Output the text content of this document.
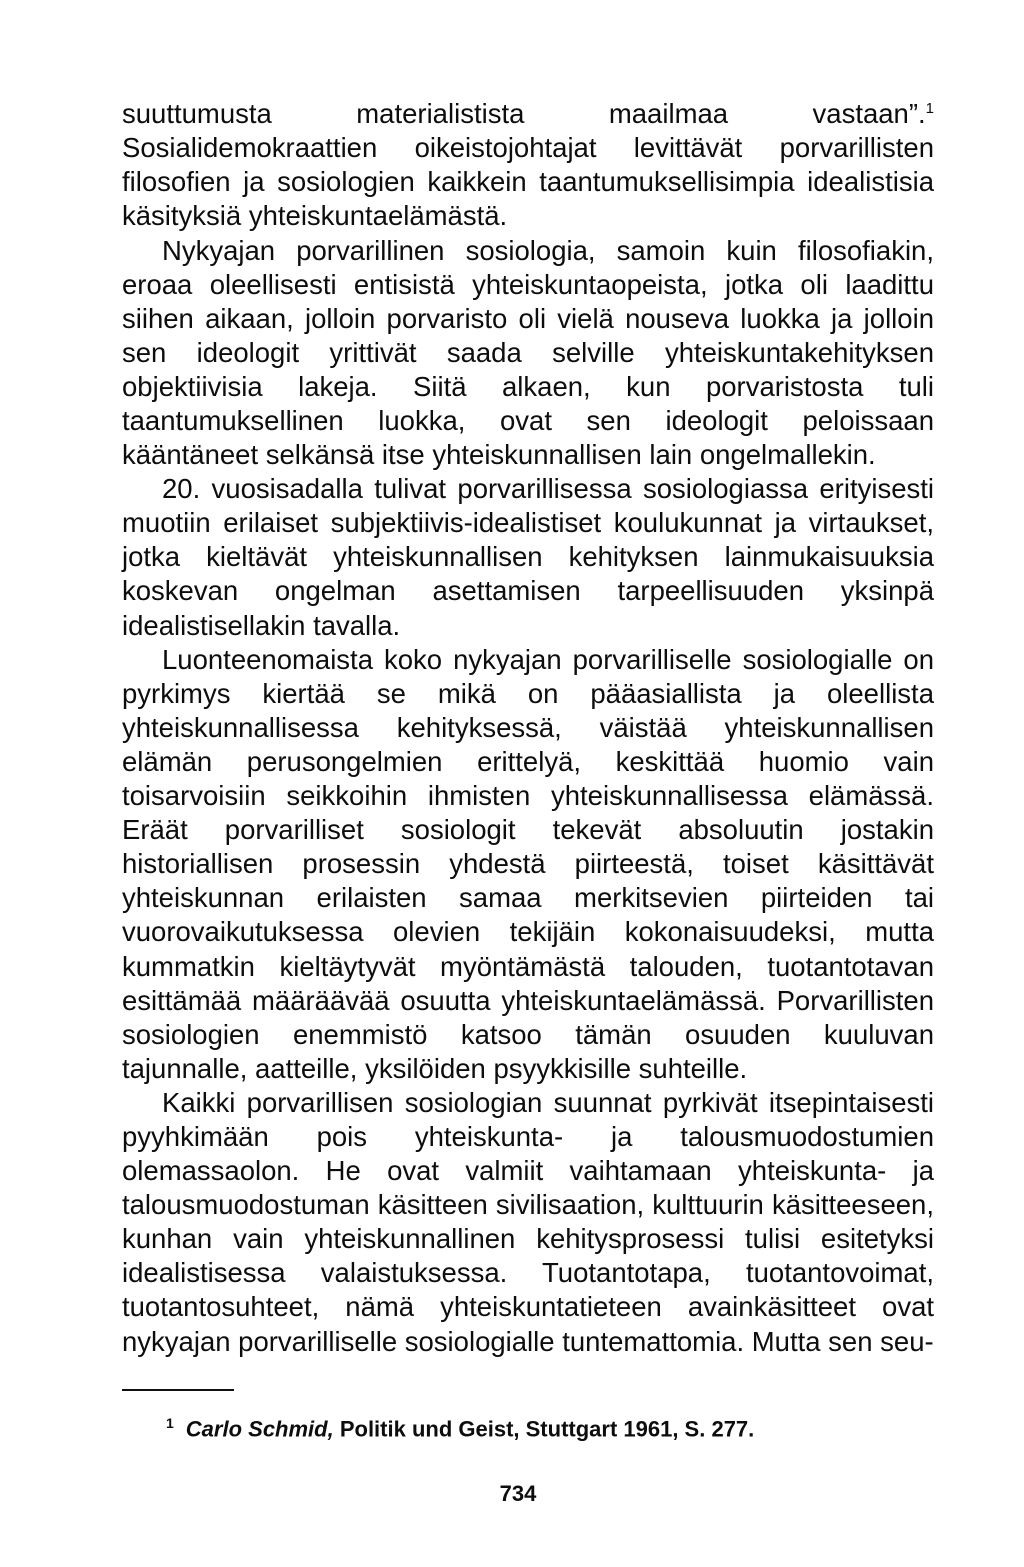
suuttumusta materialistista maailmaa vastaan”.$^1$ Sosialidemokraattien oikeistojohtajat levittävät porvarillisten filosofien ja sosiologien kaikkein taantumuksellisimpia idealistisia käsityksiä yhteiskuntaelämästä.

Nykyajan porvarillinen sosiologia, samoin kuin filosofiakin, eroaa oleellisesti entisistä yhteiskuntaopeista, jotka oli laadittu siihen aikaan, jolloin porvaristo oli vielä nouseva luokka ja jolloin sen ideologit yrittivät saada selville yhteiskuntakehityksen objektiivisia lakeja. Siitä alkaen, kun porvaristosta tuli taantumuksellinen luokka, ovat sen ideologit peloissaan kääntäneet selkänsä itse yhteiskunnallisen lain ongelmallekin.

20. vuosisadalla tulivat porvarillisessa sosiologiassa erityisesti muotiin erilaiset subjektiivis-idealistiset koulukunnat ja virtaukset, jotka kieltävät yhteiskunnallisen kehityksen lainmukaisuuksia koskevan ongelman asettamisen tarpeellisuuden yksinpä idealistisellakin tavalla.

Luonteenomaista koko nykyajan porvarilliselle sosiologialle on pyrkimys kiertää se mikä on pääasiallista ja oleellista yhteiskunnallisessa kehityksessä, väistää yhteiskunnallisen elämän perusongelmien erittelyä, keskittää huomio vain toisarvoisiin seikkoihin ihmisten yhteiskunnallisessa elämässä. Eräät porvarilliset sosiologit tekevät absoluutin jostakin historiallisen prosessin yhdestä piirteestä, toiset käsittävät yhteiskunnan erilaisten samaa merkitsevien piirteiden tai vuorovaikutuksessa olevien tekijäin kokonaisuudeksi, mutta kummatkin kieltäytyvät myöntämästä talouden, tuotantotavan esittämää määräävää osuutta yhteiskuntaelämässä. Porvarillisten sosiologien enemmistö katsoo tämän osuuden kuuluvan tajunnalle, aatteille, yksilöiden psyykkisille suhteille.

Kaikki porvarillisen sosiologian suunnat pyrkivät itsepintaisesti pyyhkimään pois yhteiskunta- ja talousmuodostumien olemassaolon. He ovat valmiit vaihtamaan yhteiskunta- ja talousmuodostuman käsitteen sivilisaation, kulttuurin käsitteeseen, kunhan vain yhteiskunnallinen kehitysprosessi tulisi esitetyksi idealistisessa valaistuksessa. Tuotantotapa, tuotantovoimat, tuotantosuhteet, nämä yhteiskuntatieteen avainkäsitteet ovat nykyajan porvarilliselle sosiologialle tuntemattomia. Mutta sen seu-

$^1$ Carlo Schmid, Politik und Geist, Stuttgart 1961, S. 277.
734
